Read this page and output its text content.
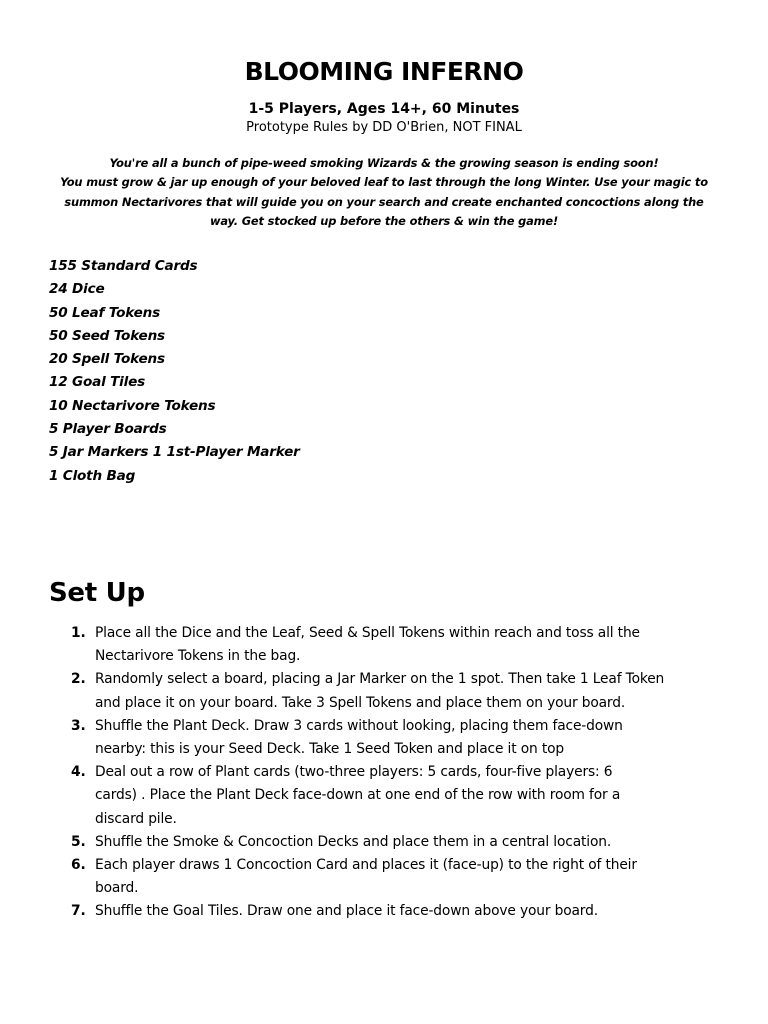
BLOOMING INFERNO

1-5 Players, Ages 14+, 60 Minutes

Prototype Rules by DD O'Brien, NOT FINAL

You're all a bunch of pipe-weed smoking Wizards & the growing season is ending soon!
You must grow & jar up enough of your beloved leaf to last through the long Winter. Use your magic to
summon Nectarivores that will guide you on your search and create enchanted concoctions along the
way. Get stocked up before the others & win the game!

155 Standard Cards
24 Dice
50 Leaf Tokens
50 Seed Tokens
20 Spell Tokens
12 Goal Tiles
10 Nectarivore Tokens
5 Player Boards
5 Jar Markers 1 1st-Player Marker
1 Cloth Bag
Set Up
1. Place all the Dice and the Leaf, Seed & Spell Tokens within reach and toss all the
Nectarivore Tokens in the bag.
2. Randomly select a board, placing a Jar Marker on the 1 spot. Then take 1 Leaf Token
and place it on your board. Take 3 Spell Tokens and place them on your board.
3. Shuffle the Plant Deck. Draw 3 cards without looking, placing them face-down
nearby: this is your Seed Deck. Take 1 Seed Token and place it on top
4. Deal out a row of Plant cards (two-three players: 5 cards, four-five players: 6
cards) . Place the Plant Deck face-down at one end of the row with room for a
discard pile.
5. Shuffle the Smoke & Concoction Decks and place them in a central location.
6. Each player draws 1 Concoction Card and places it (face-up) to the right of their
board.
7. Shuffle the Goal Tiles. Draw one and place it face-down above your board.
